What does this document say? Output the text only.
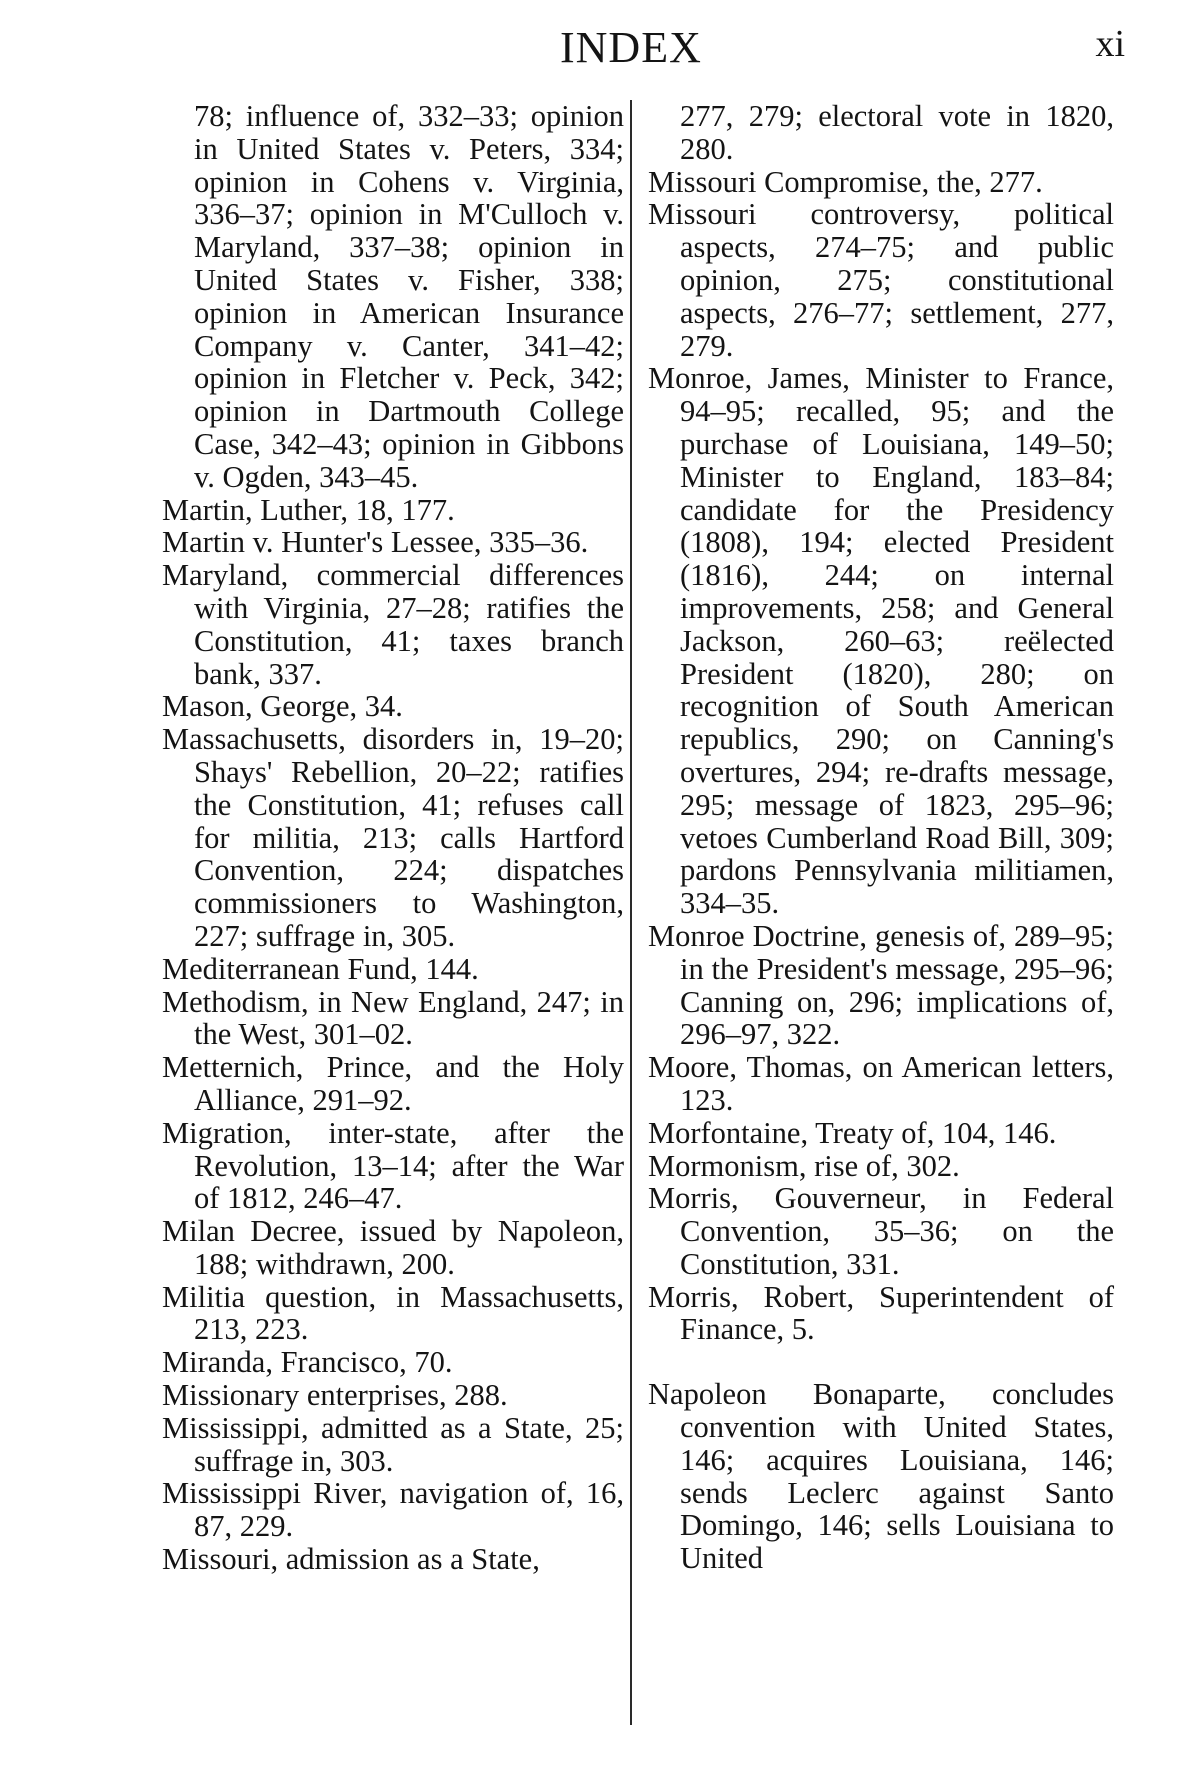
INDEX	xi

78; influence of, 332–33; opinion in United States v. Peters, 334; opinion in Cohens v. Virginia, 336–37; opinion in M'Culloch v. Maryland, 337–38; opinion in United States v. Fisher, 338; opinion in American Insurance Company v. Canter, 341–42; opinion in Fletcher v. Peck, 342; opinion in Dartmouth College Case, 342–43; opinion in Gibbons v. Ogden, 343–45.

Martin, Luther, 18, 177.

Martin v. Hunter's Lessee, 335–36.

Maryland, commercial differences with Virginia, 27–28; ratifies the Constitution, 41; taxes branch bank, 337.

Mason, George, 34.

Massachusetts, disorders in, 19–20; Shays' Rebellion, 20–22; ratifies the Constitution, 41; refuses call for militia, 213; calls Hartford Convention, 224; dispatches commissioners to Washington, 227; suffrage in, 305.

Mediterranean Fund, 144.

Methodism, in New England, 247; in the West, 301–02.

Metternich, Prince, and the Holy Alliance, 291–92.

Migration, inter-state, after the Revolution, 13–14; after the War of 1812, 246–47.

Milan Decree, issued by Napoleon, 188; withdrawn, 200.

Militia question, in Massachusetts, 213, 223.

Miranda, Francisco, 70.

Missionary enterprises, 288.

Mississippi, admitted as a State, 25; suffrage in, 303.

Mississippi River, navigation of, 16, 87, 229.

Missouri, admission as a State,

277, 279; electoral vote in 1820, 280.

Missouri Compromise, the, 277.

Missouri controversy, political aspects, 274–75; and public opinion, 275; constitutional aspects, 276–77; settlement, 277, 279.

Monroe, James, Minister to France, 94–95; recalled, 95; and the purchase of Louisiana, 149–50; Minister to England, 183–84; candidate for the Presidency (1808), 194; elected President (1816), 244; on internal improvements, 258; and General Jackson, 260–63; reëlected President (1820), 280; on recognition of South American republics, 290; on Canning's overtures, 294; re-drafts message, 295; message of 1823, 295–96; vetoes Cumberland Road Bill, 309; pardons Pennsylvania militiamen, 334–35.

Monroe Doctrine, genesis of, 289–95; in the President's message, 295–96; Canning on, 296; implications of, 296–97, 322.

Moore, Thomas, on American letters, 123.

Morfontaine, Treaty of, 104, 146.

Mormonism, rise of, 302.

Morris, Gouverneur, in Federal Convention, 35–36; on the Constitution, 331.

Morris, Robert, Superintendent of Finance, 5.

Napoleon Bonaparte, concludes convention with United States, 146; acquires Louisiana, 146; sends Leclerc against Santo Domingo, 146; sells Louisiana to United
